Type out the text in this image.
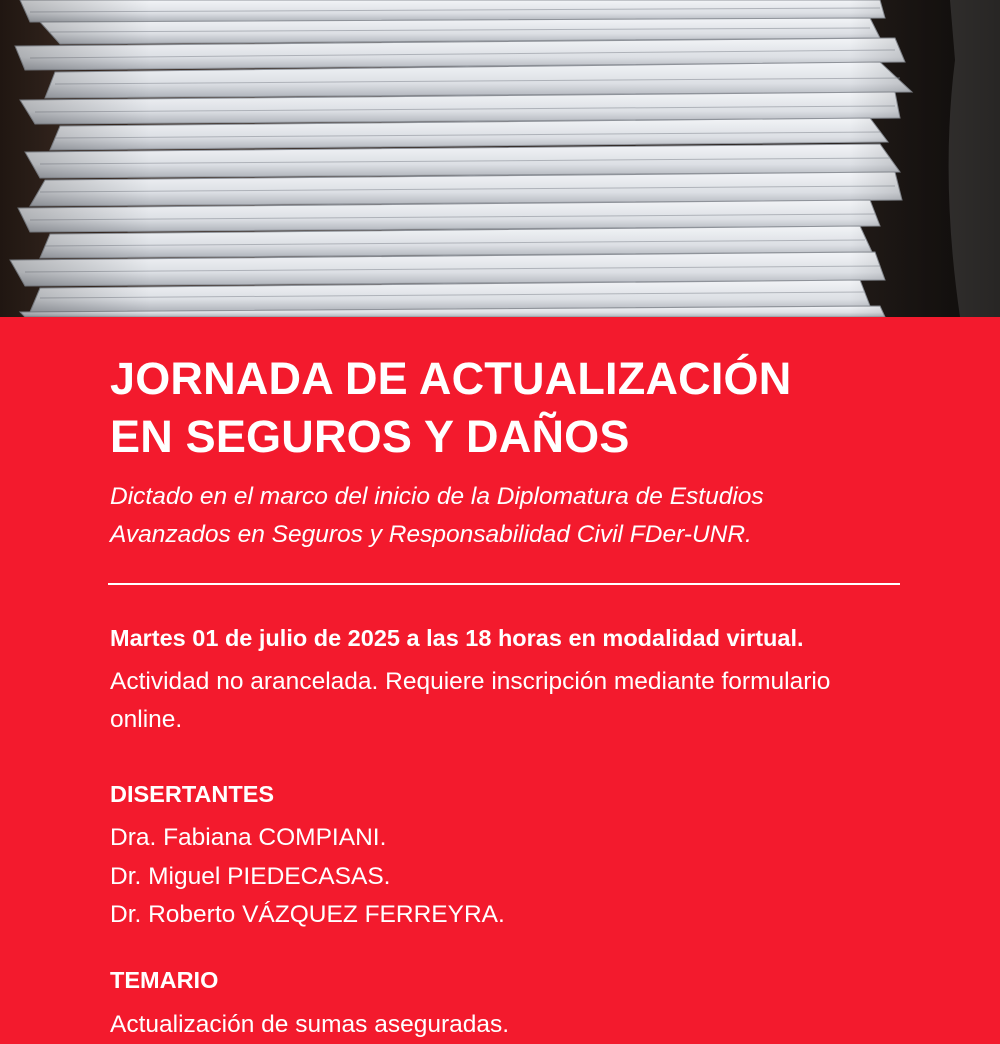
JORNADA DE ACTUALIZACIÓN
EN SEGUROS Y DAÑOS

Dictado en el marco del inicio de la Diplomatura de Estudios
Avanzados en Seguros y Responsabilidad Civil FDer-UNR.

Martes 01 de julio de 2025 a las 18 horas en modalidad virtual.

Actividad no arancelada. Requiere inscripción mediante formulario
online.

DISERTANTES
Dra. Fabiana COMPIANI.
Dr. Miguel PIEDECASAS.
Dr. Roberto VÁZQUEZ FERREYRA.
TEMARIO
Actualización de sumas aseguradas.
